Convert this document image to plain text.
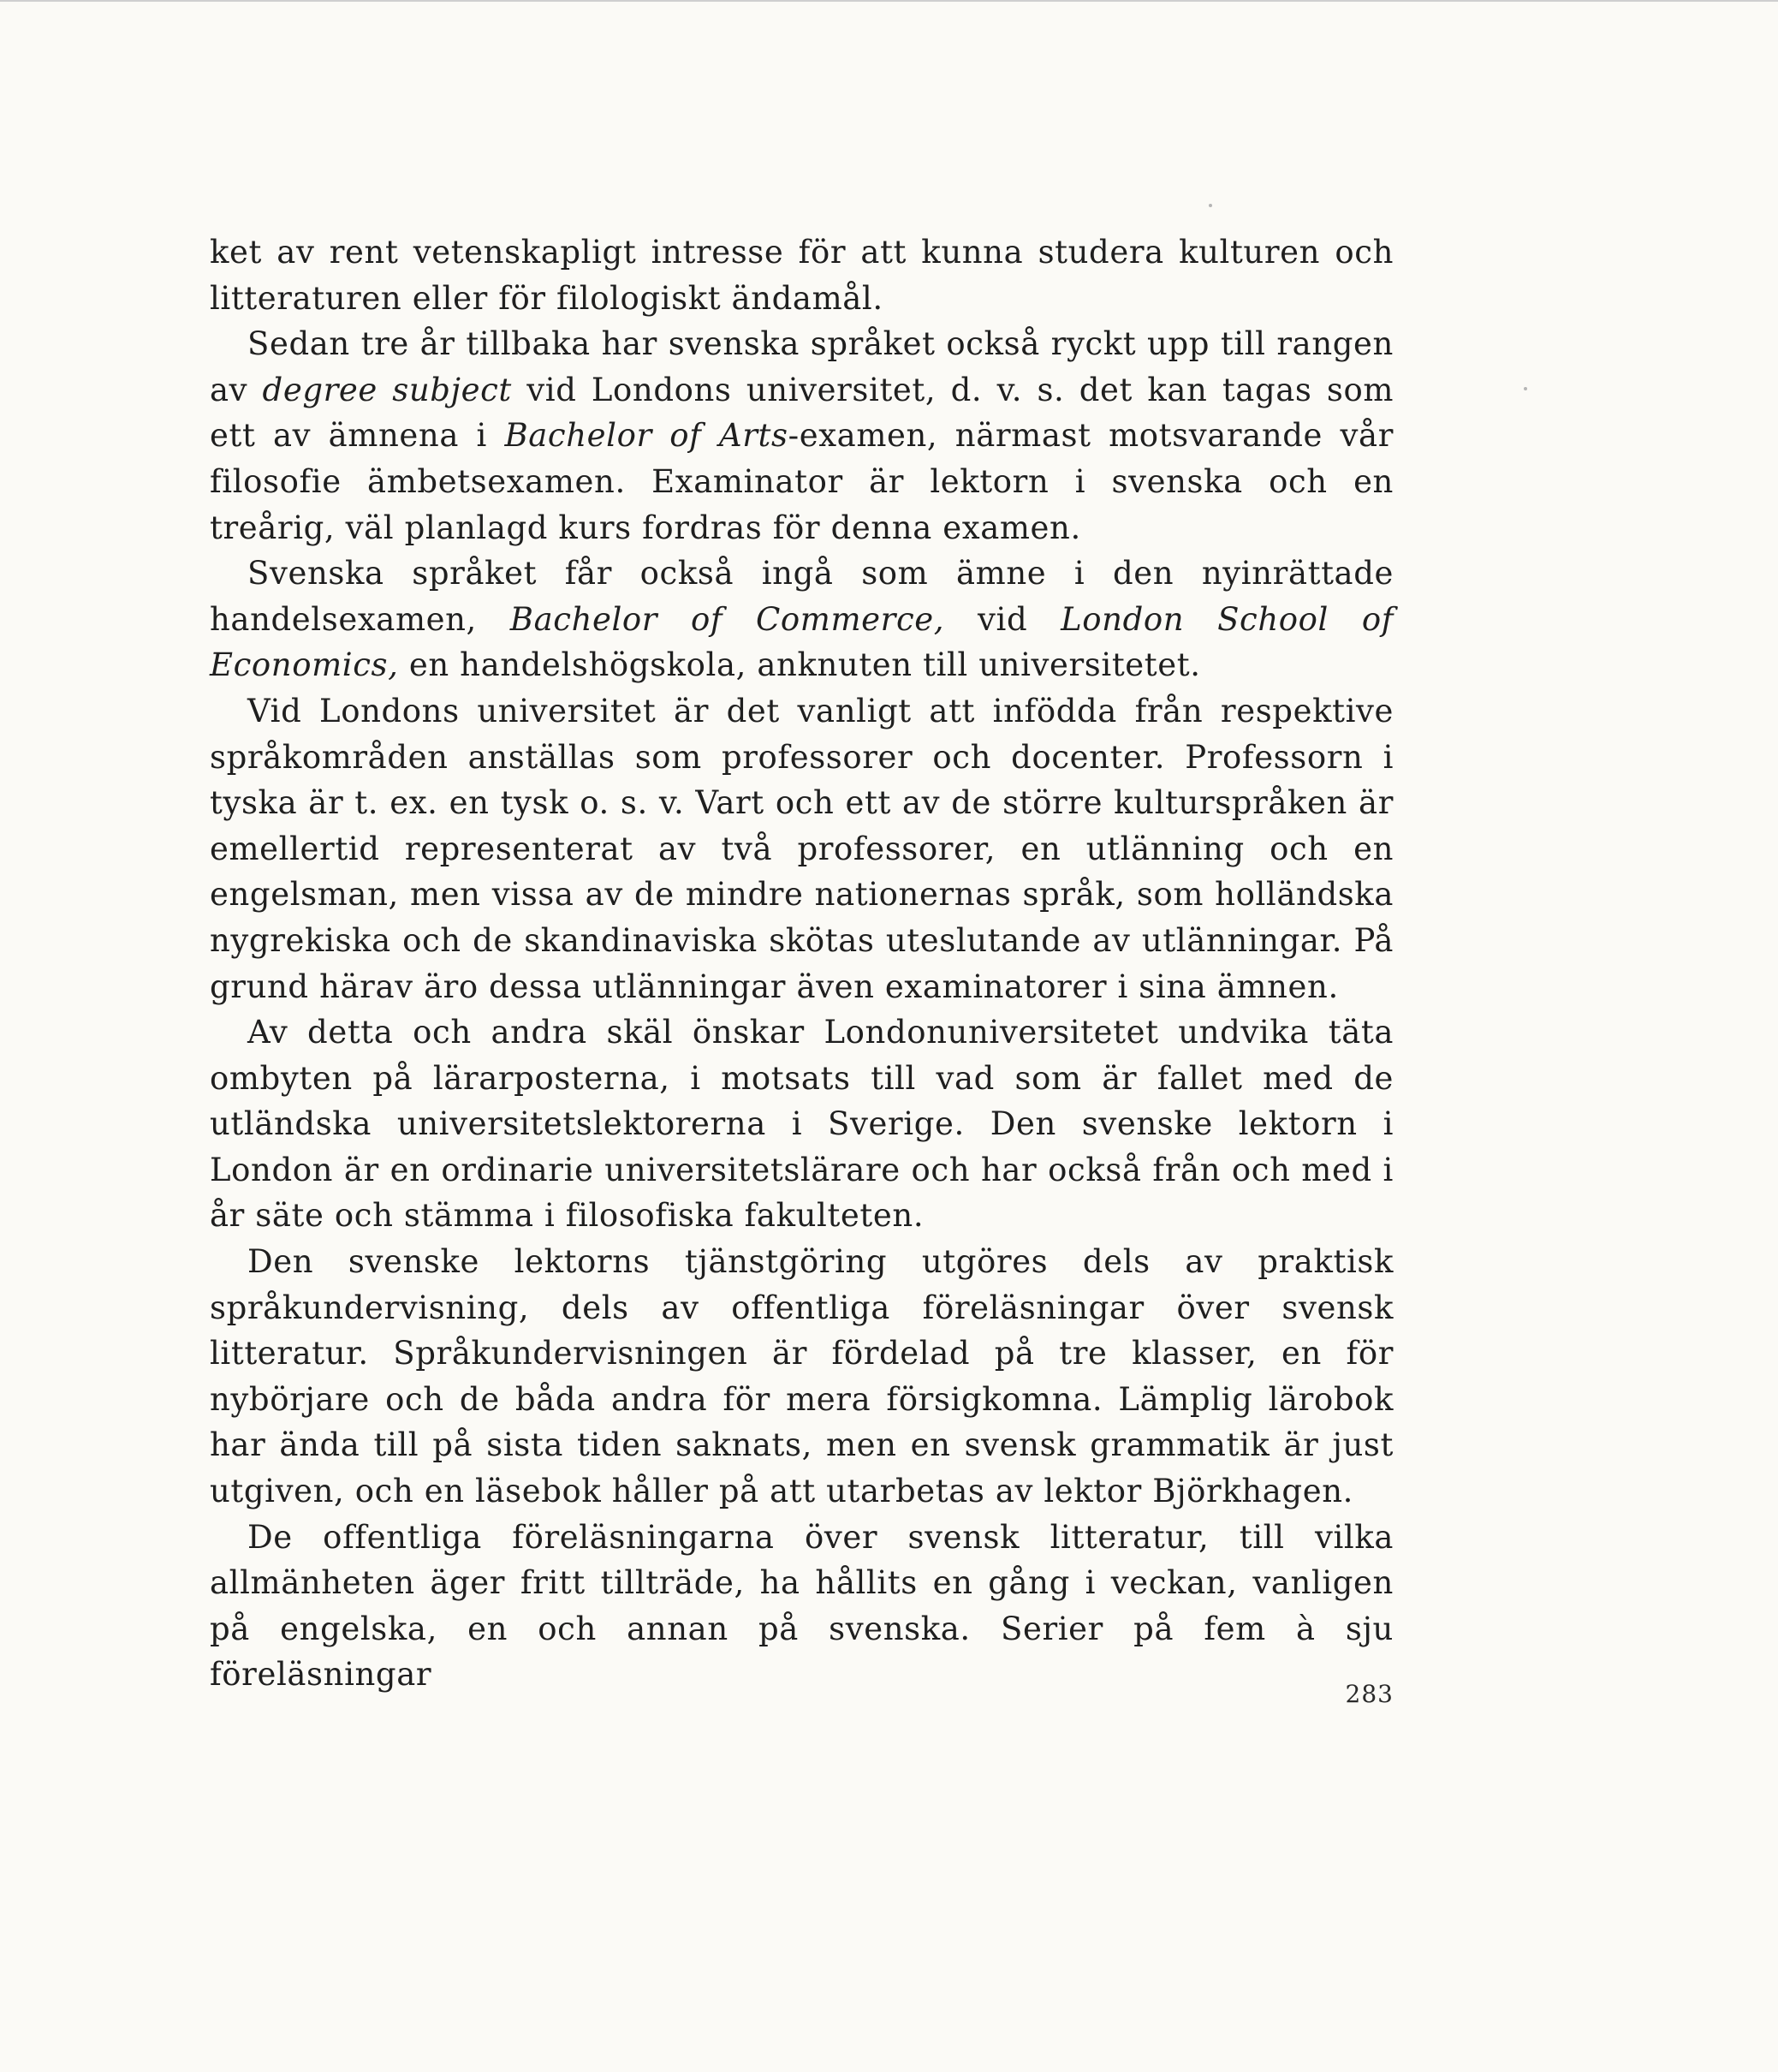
ket av rent vetenskapligt intresse för att kunna studera kulturen och litteraturen eller för filologiskt ändamål.

Sedan tre år tillbaka har svenska språket också ryckt upp till rangen av degree subject vid Londons universitet, d. v. s. det kan tagas som ett av ämnena i Bachelor of Arts-examen, närmast motsvarande vår filosofie ämbetsexamen. Examinator är lektorn i svenska och en treårig, väl planlagd kurs fordras för denna examen.

Svenska språket får också ingå som ämne i den nyinrättade handelsexamen, Bachelor of Commerce, vid London School of Economics, en handelshögskola, anknuten till universitetet.

Vid Londons universitet är det vanligt att infödda från respektive språkområden anställas som professorer och docenter. Professorn i tyska är t. ex. en tysk o. s. v. Vart och ett av de större kulturspråken är emellertid representerat av två professorer, en utlänning och en engelsman, men vissa av de mindre nationernas språk, som holländska nygrekiska och de skandinaviska skötas uteslutande av utlänningar. På grund härav äro dessa utlänningar även examinatorer i sina ämnen.

Av detta och andra skäl önskar Londonuniversitetet undvika täta ombyten på lärarposterna, i motsats till vad som är fallet med de utländska universitetslektorerna i Sverige. Den svenske lektorn i London är en ordinarie universitetslärare och har också från och med i år säte och stämma i filosofiska fakulteten.

Den svenske lektorns tjänstgöring utgöres dels av praktisk språkundervisning, dels av offentliga föreläsningar över svensk litteratur. Språkundervisningen är fördelad på tre klasser, en för nybörjare och de båda andra för mera försigkomna. Lämplig lärobok har ända till på sista tiden saknats, men en svensk grammatik är just utgiven, och en läsebok håller på att utarbetas av lektor Björkhagen.

De offentliga föreläsningarna över svensk litteratur, till vilka allmänheten äger fritt tillträde, ha hållits en gång i veckan, vanligen på engelska, en och annan på svenska. Serier på fem à sju föreläsningar

283
